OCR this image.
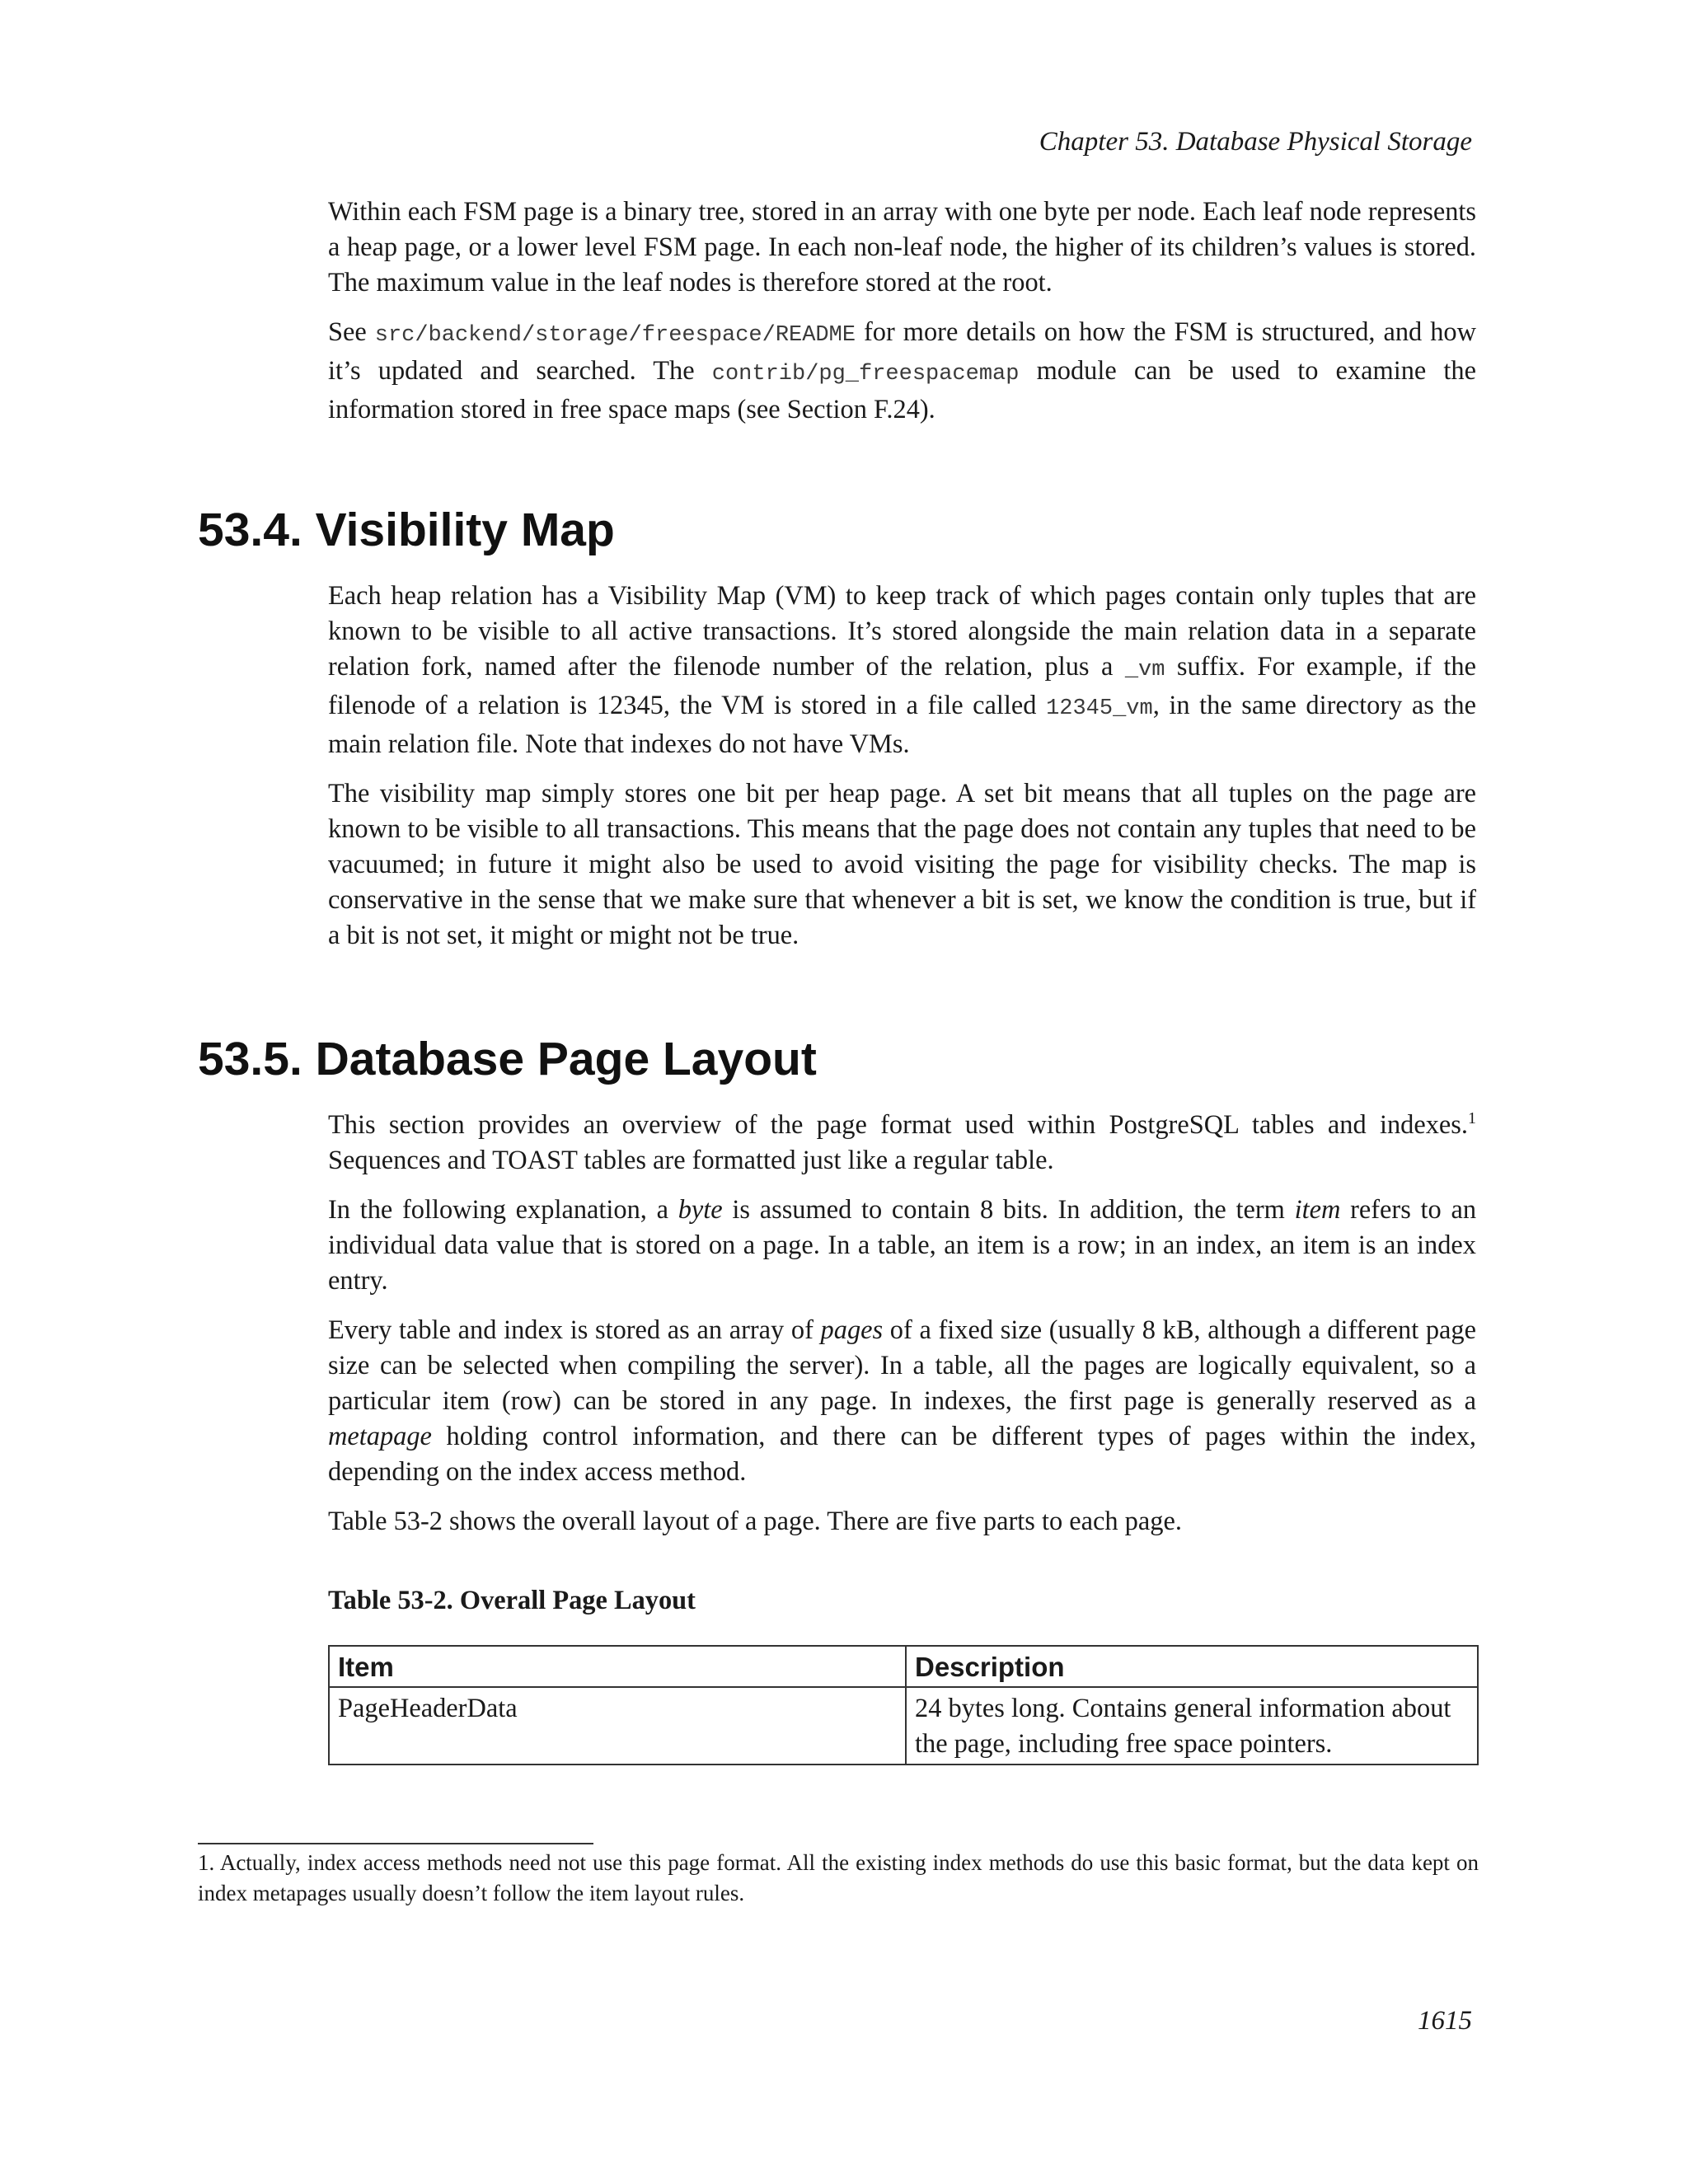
Chapter 53. Database Physical Storage

Within each FSM page is a binary tree, stored in an array with one byte per node. Each leaf node represents a heap page, or a lower level FSM page. In each non-leaf node, the higher of its children’s values is stored. The maximum value in the leaf nodes is therefore stored at the root.

See src/backend/storage/freespace/README for more details on how the FSM is structured, and how it’s updated and searched. The contrib/pg_freespacemap module can be used to examine the information stored in free space maps (see Section F.24).

53.4. Visibility Map

Each heap relation has a Visibility Map (VM) to keep track of which pages contain only tuples that are known to be visible to all active transactions. It’s stored alongside the main relation data in a separate relation fork, named after the filenode number of the relation, plus a _vm suffix. For example, if the filenode of a relation is 12345, the VM is stored in a file called 12345_vm, in the same directory as the main relation file. Note that indexes do not have VMs.

The visibility map simply stores one bit per heap page. A set bit means that all tuples on the page are known to be visible to all transactions. This means that the page does not contain any tuples that need to be vacuumed; in future it might also be used to avoid visiting the page for visibility checks. The map is conservative in the sense that we make sure that whenever a bit is set, we know the condition is true, but if a bit is not set, it might or might not be true.

53.5. Database Page Layout

This section provides an overview of the page format used within PostgreSQL tables and indexes.$^1$ Sequences and TOAST tables are formatted just like a regular table.

In the following explanation, a byte is assumed to contain 8 bits. In addition, the term item refers to an individual data value that is stored on a page. In a table, an item is a row; in an index, an item is an index entry.

Every table and index is stored as an array of pages of a fixed size (usually 8 kB, although a different page size can be selected when compiling the server). In a table, all the pages are logically equivalent, so a particular item (row) can be stored in any page. In indexes, the first page is generally reserved as a metapage holding control information, and there can be different types of pages within the index, depending on the index access method.

Table 53-2 shows the overall layout of a page. There are five parts to each page.

Table 53-2. Overall Page Layout

Item	Description
PageHeaderData	24 bytes long. Contains general information about the page, including free space pointers.

1. Actually, index access methods need not use this page format. All the existing index methods do use this basic format, but the data kept on index metapages usually doesn’t follow the item layout rules.

1615
